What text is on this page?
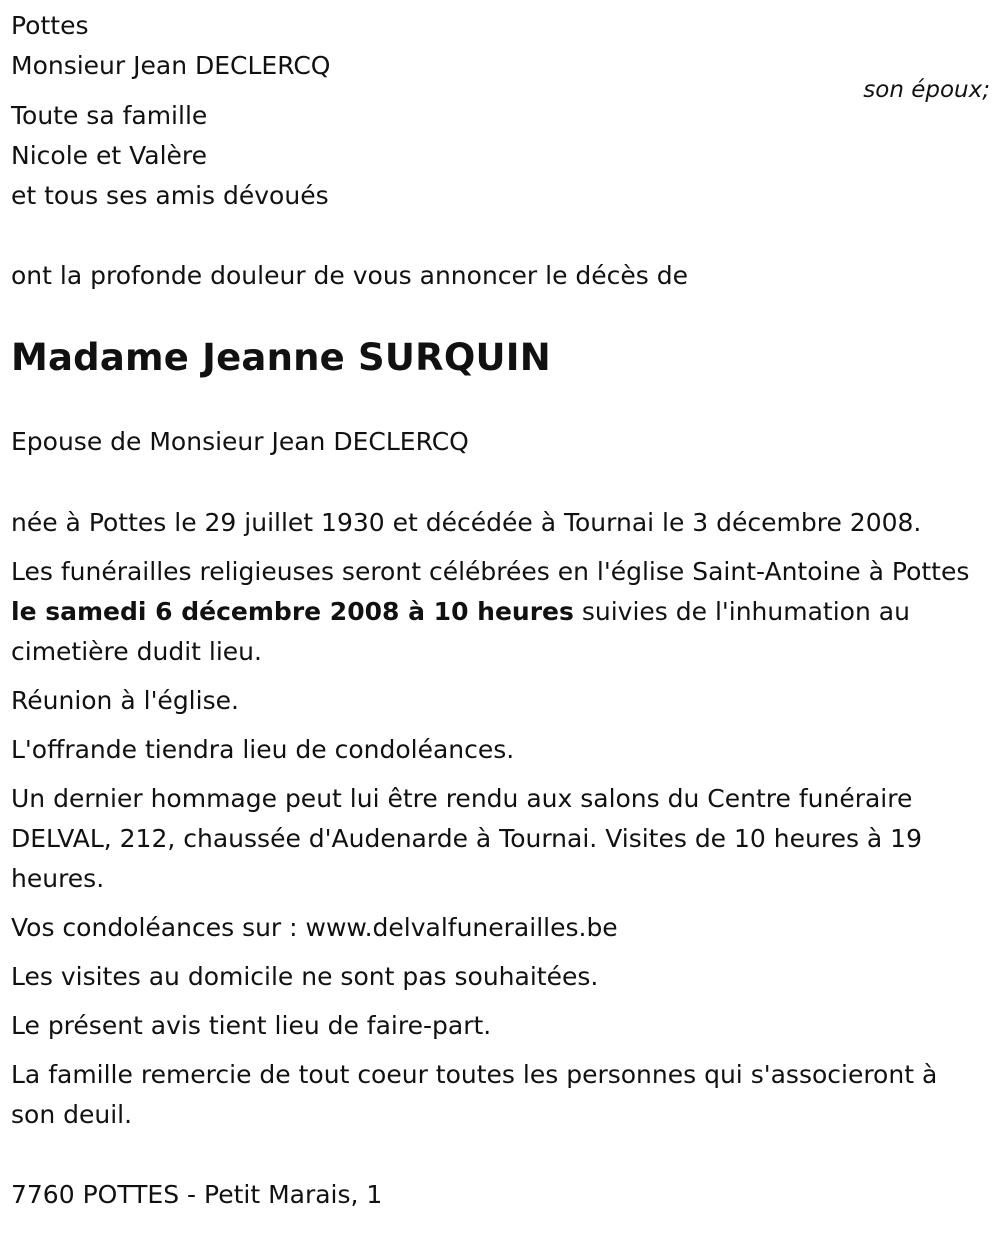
Pottes

Monsieur Jean DECLERCQ

Toute sa famille

Nicole et Valère

et tous ses amis dévoués

ont la profonde douleur de vous annoncer le décès de

Madame Jeanne SURQUIN

Epouse de Monsieur Jean DECLERCQ

née à Pottes le 29 juillet 1930 et décédée à Tournai le 3 décembre 2008.

Les funérailles religieuses seront célébrées en l'église Saint-Antoine à Pottes le samedi 6 décembre 2008 à 10 heures suivies de l'inhumation au cimetière dudit lieu.

Réunion à l'église.

L'offrande tiendra lieu de condoléances.

Un dernier hommage peut lui être rendu aux salons du Centre funéraire DELVAL, 212, chaussée d'Audenarde à Tournai. Visites de 10 heures à 19 heures.

Vos condoléances sur : www.delvalfunerailles.be

Les visites au domicile ne sont pas souhaitées.

Le présent avis tient lieu de faire-part.

La famille remercie de tout coeur toutes les personnes qui s'associeront à son deuil.

7760 POTTES - Petit Marais, 1

son époux;
